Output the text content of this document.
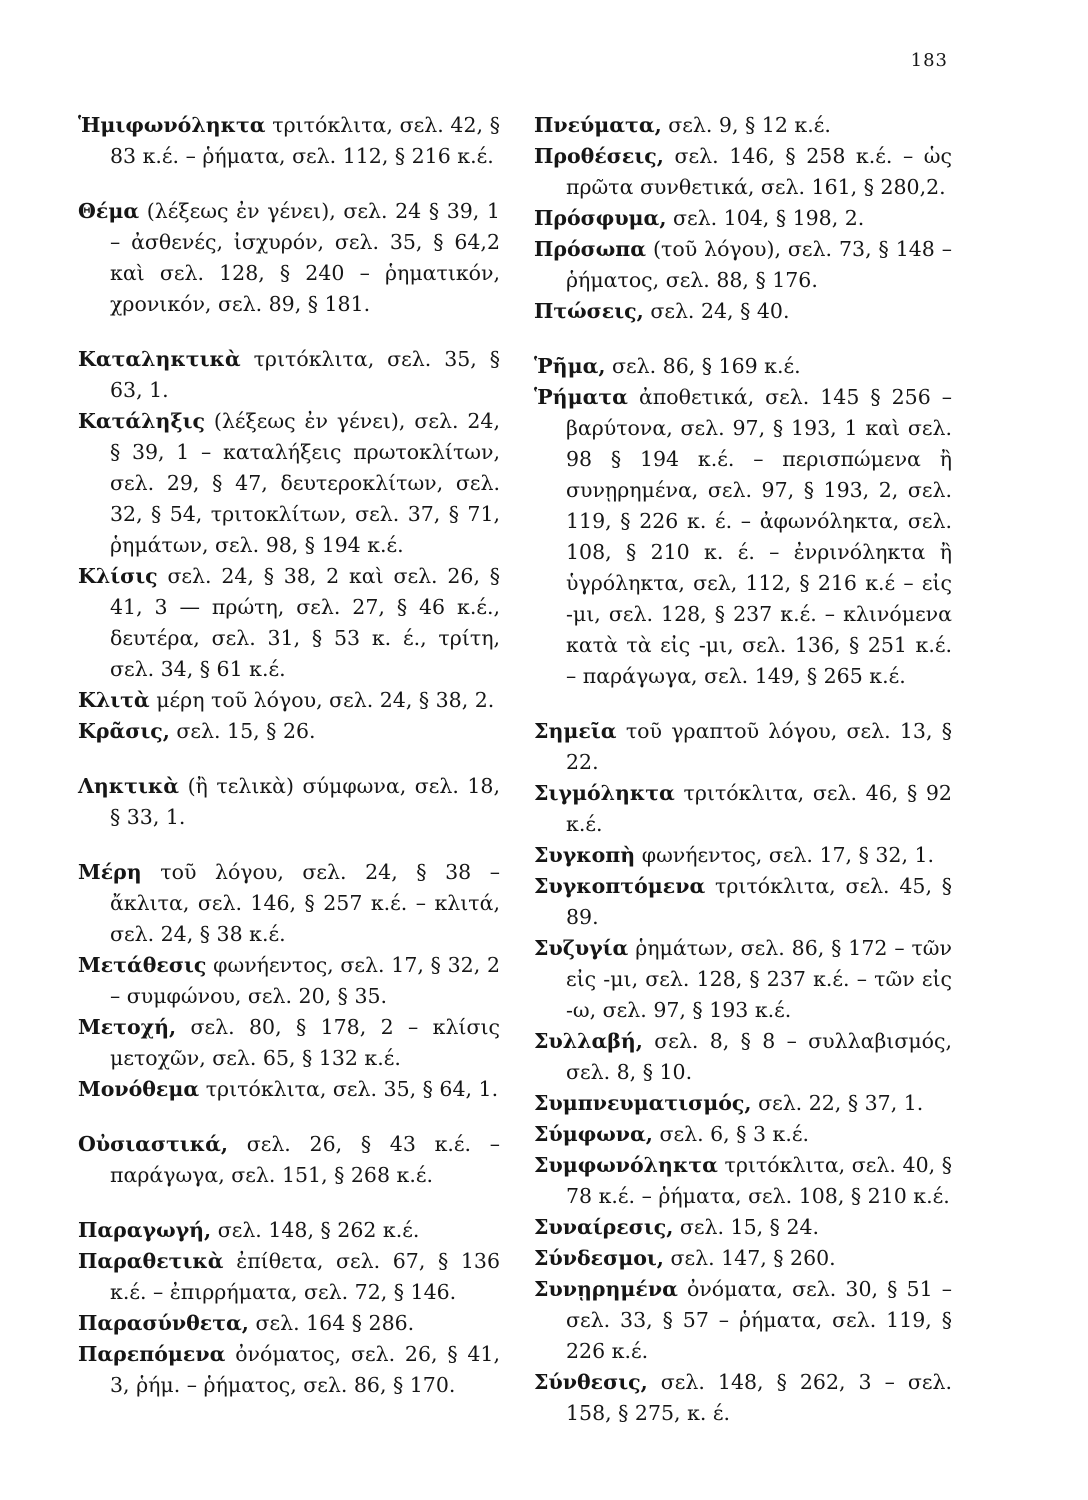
183
Ἡμιφωνόληκτα τριτόκλιτα, σελ. 42, § 83 κ.έ. – ῥήματα, σελ. 112, § 216 κ.έ.
Θέμα (λέξεως ἐν γένει), σελ. 24 § 39, 1 – ἀσθενές, ἰσχυρόν, σελ. 35, § 64,2 καὶ σελ. 128, § 240 – ῥηματικόν, χρονικόν, σελ. 89, § 181.
Καταληκτικὰ τριτόκλιτα, σελ. 35, § 63, 1.
Κατάληξις (λέξεως ἐν γένει), σελ. 24, § 39, 1 – καταλήξεις πρωτοκλίτων, σελ. 29, § 47, δευτεροκλίτων, σελ. 32, § 54, τριτοκλίτων, σελ. 37, § 71, ῥημάτων, σελ. 98, § 194 κ.έ.
Κλίσις σελ. 24, § 38, 2 καὶ σελ. 26, § 41, 3 — πρώτη, σελ. 27, § 46 κ.έ., δευτέρα, σελ. 31, § 53 κ. έ., τρίτη, σελ. 34, § 61 κ.έ.
Κλιτὰ μέρη τοῦ λόγου, σελ. 24, § 38, 2.
Κρᾶσις, σελ. 15, § 26.
Ληκτικὰ (ἢ τελικὰ) σύμφωνα, σελ. 18, § 33, 1.
Μέρη τοῦ λόγου, σελ. 24, § 38 – ἄκλιτα, σελ. 146, § 257 κ.έ. – κλιτά, σελ. 24, § 38 κ.έ.
Μετάθεσις φωνήεντος, σελ. 17, § 32, 2 – συμφώνου, σελ. 20, § 35.
Μετοχή, σελ. 80, § 178, 2 – κλίσις μετοχῶν, σελ. 65, § 132 κ.έ.
Μονόθεμα τριτόκλιτα, σελ. 35, § 64, 1.
Οὐσιαστικά, σελ. 26, § 43 κ.έ. – παράγωγα, σελ. 151, § 268 κ.έ.
Παραγωγή, σελ. 148, § 262 κ.έ.
Παραθετικὰ ἐπίθετα, σελ. 67, § 136 κ.έ. – ἐπιρρήματα, σελ. 72, § 146.
Παρασύνθετα, σελ. 164 § 286.
Παρεπόμενα ὀνόματος, σελ. 26, § 41, 3, ῥήμ. – ῥήματος, σελ. 86, § 170.
Πνεύματα, σελ. 9, § 12 κ.έ.
Προθέσεις, σελ. 146, § 258 κ.έ. – ὡς πρῶτα συνθετικά, σελ. 161, § 280,2.
Πρόσφυμα, σελ. 104, § 198, 2.
Πρόσωπα (τοῦ λόγου), σελ. 73, § 148 – ῥήματος, σελ. 88, § 176.
Πτώσεις, σελ. 24, § 40.
Ῥῆμα, σελ. 86, § 169 κ.έ.
Ῥήματα ἀποθετικά, σελ. 145 § 256 – βαρύτονα, σελ. 97, § 193, 1 καὶ σελ. 98 § 194 κ.έ. – περισπώμενα ἢ συνῃρημένα, σελ. 97, § 193, 2, σελ. 119, § 226 κ. έ. – ἀφωνόληκτα, σελ. 108, § 210 κ. έ. – ἐνρινόληκτα ἢ ὑγρόληκτα, σελ, 112, § 216 κ.έ – εἰς -μι, σελ. 128, § 237 κ.έ. – κλινόμενα κατὰ τὰ εἰς -μι, σελ. 136, § 251 κ.έ. – παράγωγα, σελ. 149, § 265 κ.έ.
Σημεῖα τοῦ γραπτοῦ λόγου, σελ. 13, § 22.
Σιγμόληκτα τριτόκλιτα, σελ. 46, § 92 κ.έ.
Συγκοπὴ φωνήεντος, σελ. 17, § 32, 1.
Συγκοπτόμενα τριτόκλιτα, σελ. 45, § 89.
Συζυγία ῥημάτων, σελ. 86, § 172 – τῶν εἰς -μι, σελ. 128, § 237 κ.έ. – τῶν εἰς -ω, σελ. 97, § 193 κ.έ.
Συλλαβή, σελ. 8, § 8 – συλλαβισμός, σελ. 8, § 10.
Συμπνευματισμός, σελ. 22, § 37, 1.
Σύμφωνα, σελ. 6, § 3 κ.έ.
Συμφωνόληκτα τριτόκλιτα, σελ. 40, § 78 κ.έ. – ῥήματα, σελ. 108, § 210 κ.έ.
Συναίρεσις, σελ. 15, § 24.
Σύνδεσμοι, σελ. 147, § 260.
Συνῃρημένα ὀνόματα, σελ. 30, § 51 – σελ. 33, § 57 – ῥήματα, σελ. 119, § 226 κ.έ.
Σύνθεσις, σελ. 148, § 262, 3 – σελ. 158, § 275, κ. έ.
